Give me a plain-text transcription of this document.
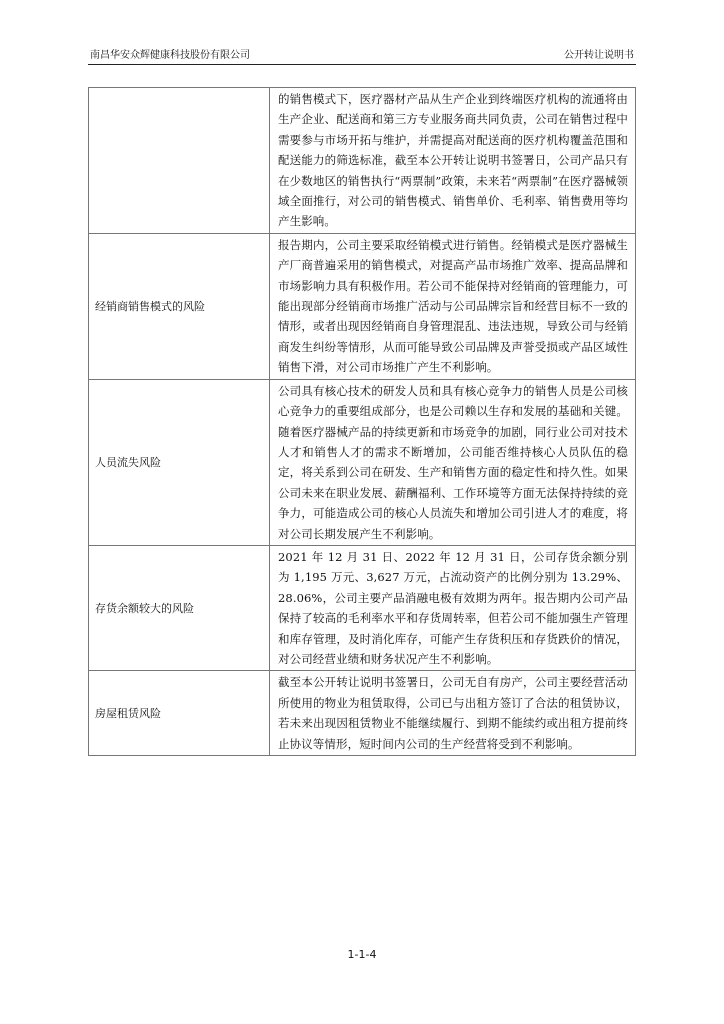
南昌华安众辉健康科技股份有限公司	公开转让说明书
	的销售模式下，医疗器材产品从生产企业到终端医疗机构的流通将由生产企业、配送商和第三方专业服务商共同负责，公司在销售过程中需要参与市场开拓与维护，并需提高对配送商的医疗机构覆盖范围和配送能力的筛选标准，截至本公开转让说明书签署日，公司产品只有在少数地区的销售执行“两票制”政策，未来若“两票制”在医疗器械领域全面推行，对公司的销售模式、销售单价、毛利率、销售费用等均产生影响。
经销商销售模式的风险	报告期内，公司主要采取经销模式进行销售。经销模式是医疗器械生产厂商普遍采用的销售模式，对提高产品市场推广效率、提高品牌和市场影响力具有积极作用。若公司不能保持对经销商的管理能力，可能出现部分经销商市场推广活动与公司品牌宗旨和经营目标不一致的情形，或者出现因经销商自身管理混乱、违法违规，导致公司与经销商发生纠纷等情形，从而可能导致公司品牌及声誉受损或产品区域性销售下滑，对公司市场推广产生不利影响。
人员流失风险	公司具有核心技术的研发人员和具有核心竞争力的销售人员是公司核心竞争力的重要组成部分，也是公司赖以生存和发展的基础和关键。随着医疗器械产品的持续更新和市场竞争的加剧，同行业公司对技术人才和销售人才的需求不断增加，公司能否维持核心人员队伍的稳定，将关系到公司在研发、生产和销售方面的稳定性和持久性。如果公司未来在职业发展、薪酬福利、工作环境等方面无法保持持续的竞争力，可能造成公司的核心人员流失和增加公司引进人才的难度，将对公司长期发展产生不利影响。
存货余额较大的风险	2021 年 12 月 31 日、2022 年 12 月 31 日，公司存货余额分别为 1,195 万元、3,627 万元，占流动资产的比例分别为 13.29%、28.06%，公司主要产品消融电极有效期为两年。报告期内公司产品保持了较高的毛利率水平和存货周转率，但若公司不能加强生产管理和库存管理，及时消化库存，可能产生存货积压和存货跌价的情况，对公司经营业绩和财务状况产生不利影响。
房屋租赁风险	截至本公开转让说明书签署日，公司无自有房产，公司主要经营活动所使用的物业为租赁取得，公司已与出租方签订了合法的租赁协议，若未来出现因租赁物业不能继续履行、到期不能续约或出租方提前终止协议等情形，短时间内公司的生产经营将受到不利影响。
1-1-4
